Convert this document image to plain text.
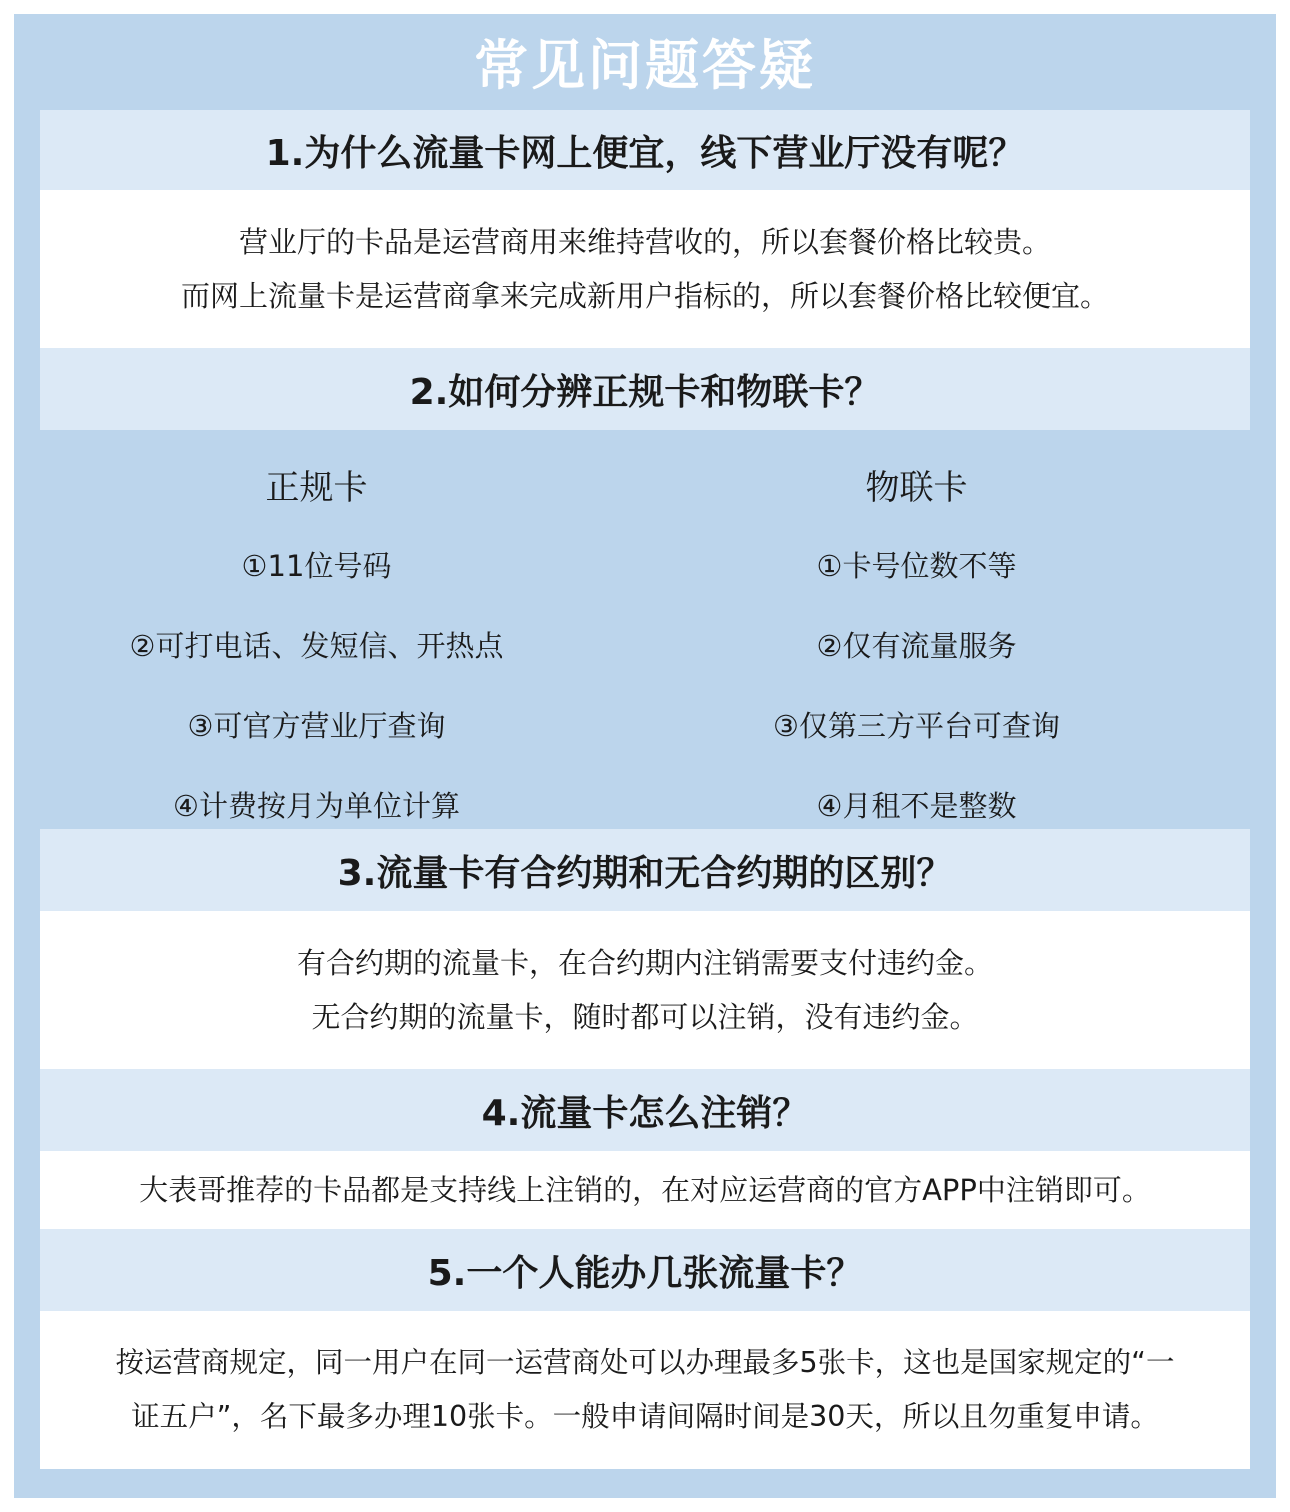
常见问题答疑
1.为什么流量卡网上便宜，线下营业厅没有呢？

营业厅的卡品是运营商用来维持营收的，所以套餐价格比较贵。

而网上流量卡是运营商拿来完成新用户指标的，所以套餐价格比较便宜。

2.如何分辨正规卡和物联卡？
正规卡
①11位号码
②可打电话、发短信、开热点
③可官方营业厅查询
④计费按月为单位计算
物联卡
①卡号位数不等
②仅有流量服务
③仅第三方平台可查询
④月租不是整数
3.流量卡有合约期和无合约期的区别？

有合约期的流量卡，在合约期内注销需要支付违约金。

无合约期的流量卡，随时都可以注销，没有违约金。

4.流量卡怎么注销？

大表哥推荐的卡品都是支持线上注销的，在对应运营商的官方APP中注销即可。

5.一个人能办几张流量卡？

按运营商规定，同一用户在同一运营商处可以办理最多5张卡，这也是国家规定的“一

证五户”，名下最多办理10张卡。一般申请间隔时间是30天，所以且勿重复申请。
